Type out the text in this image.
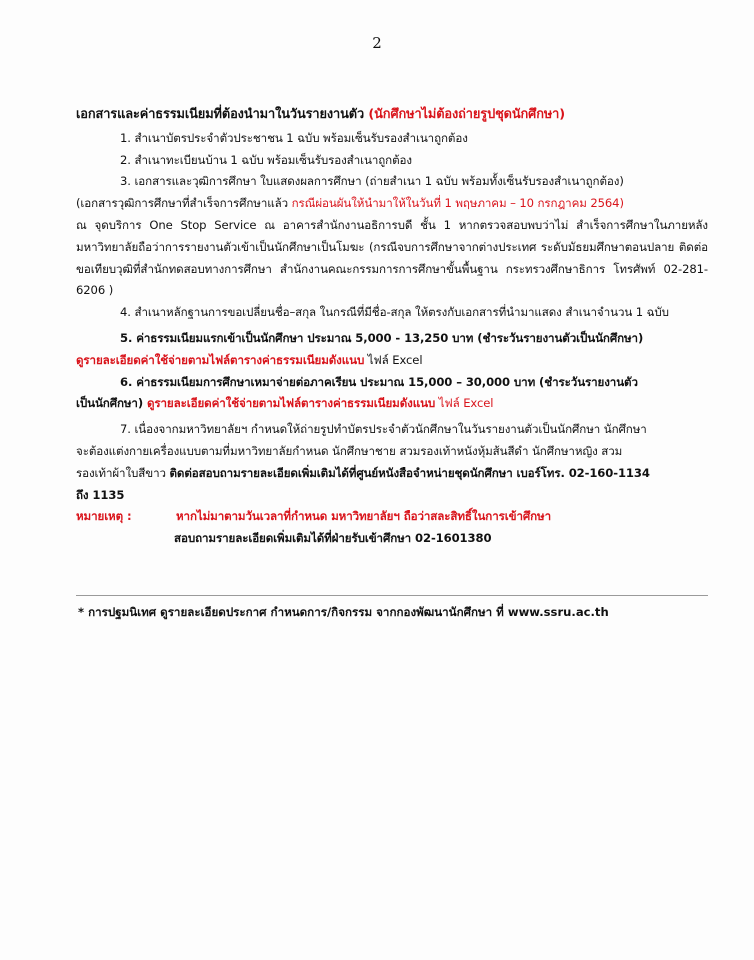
2
เอกสารและค่าธรรมเนียมที่ต้องนำมาในวันรายงานตัว (นักศึกษาไม่ต้องถ่ายรูปชุดนักศึกษา)

1. สำเนาบัตรประจำตัวประชาชน 1 ฉบับ พร้อมเซ็นรับรองสำเนาถูกต้อง

2. สำเนาทะเบียนบ้าน 1 ฉบับ พร้อมเซ็นรับรองสำเนาถูกต้อง

3. เอกสารและวุฒิการศึกษา ใบแสดงผลการศึกษา (ถ่ายสำเนา 1 ฉบับ พร้อมทั้งเซ็นรับรองสำเนาถูกต้อง)

(เอกสารวุฒิการศึกษาที่สำเร็จการศึกษาแล้ว กรณีผ่อนผันให้นำมาให้ในวันที่ 1 พฤษภาคม – 10 กรกฎาคม 2564)

ณ จุดบริการ One Stop Service ณ อาคารสำนักงานอธิการบดี ชั้น 1 หากตรวจสอบพบว่าไม่ สำเร็จการศึกษาในภายหลัง มหาวิทยาลัยถือว่าการรายงานตัวเข้าเป็นนักศึกษาเป็นโมฆะ (กรณีจบการศึกษาจากต่างประเทศ ระดับมัธยมศึกษาตอนปลาย ติดต่อขอเทียบวุฒิที่สำนักทดสอบทางการศึกษา สำนักงานคณะกรรมการการศึกษาขั้นพื้นฐาน กระทรวงศึกษาธิการ โทรศัพท์ 02-281-6206 )

4. สำเนาหลักฐานการขอเปลี่ยนชื่อ–สกุล ในกรณีที่มีชื่อ-สกุล ให้ตรงกับเอกสารที่นำมาแสดง สำเนาจำนวน 1 ฉบับ

5. ค่าธรรมเนียมแรกเข้าเป็นนักศึกษา ประมาณ 5,000 - 13,250 บาท (ชำระวันรายงานตัวเป็นนักศึกษา)
ดูรายละเอียดค่าใช้จ่ายตามไฟล์ตารางค่าธรรมเนียมดังแนบ ไฟล์ Excel

6. ค่าธรรมเนียมการศึกษาเหมาจ่ายต่อภาคเรียน ประมาณ 15,000 – 30,000 บาท (ชำระวันรายงานตัว
เป็นนักศึกษา) ดูรายละเอียดค่าใช้จ่ายตามไฟล์ตารางค่าธรรมเนียมดังแนบ ไฟล์ Excel

7. เนื่องจากมหาวิทยาลัยฯ กำหนดให้ถ่ายรูปทำบัตรประจำตัวนักศึกษาในวันรายงานตัวเป็นนักศึกษา นักศึกษา
จะต้องแต่งกายเครื่องแบบตามที่มหาวิทยาลัยกำหนด นักศึกษาชาย สวมรองเท้าหนังหุ้มส้นสีดำ นักศึกษาหญิง สวม
รองเท้าผ้าใบสีขาว ติดต่อสอบถามรายละเอียดเพิ่มเติมได้ที่ศูนย์หนังสือจำหน่ายชุดนักศึกษา เบอร์โทร. 02-160-1134
ถึง 1135

หมายเหตุ :	หากไม่มาตามวันเวลาที่กำหนด มหาวิทยาลัยฯ ถือว่าสละสิทธิ์ในการเข้าศึกษา

สอบถามรายละเอียดเพิ่มเติมได้ที่ฝ่ายรับเข้าศึกษา 02-1601380

* การปฐมนิเทศ ดูรายละเอียดประกาศ กำหนดการ/กิจกรรม จากกองพัฒนานักศึกษา ที่ www.ssru.ac.th
